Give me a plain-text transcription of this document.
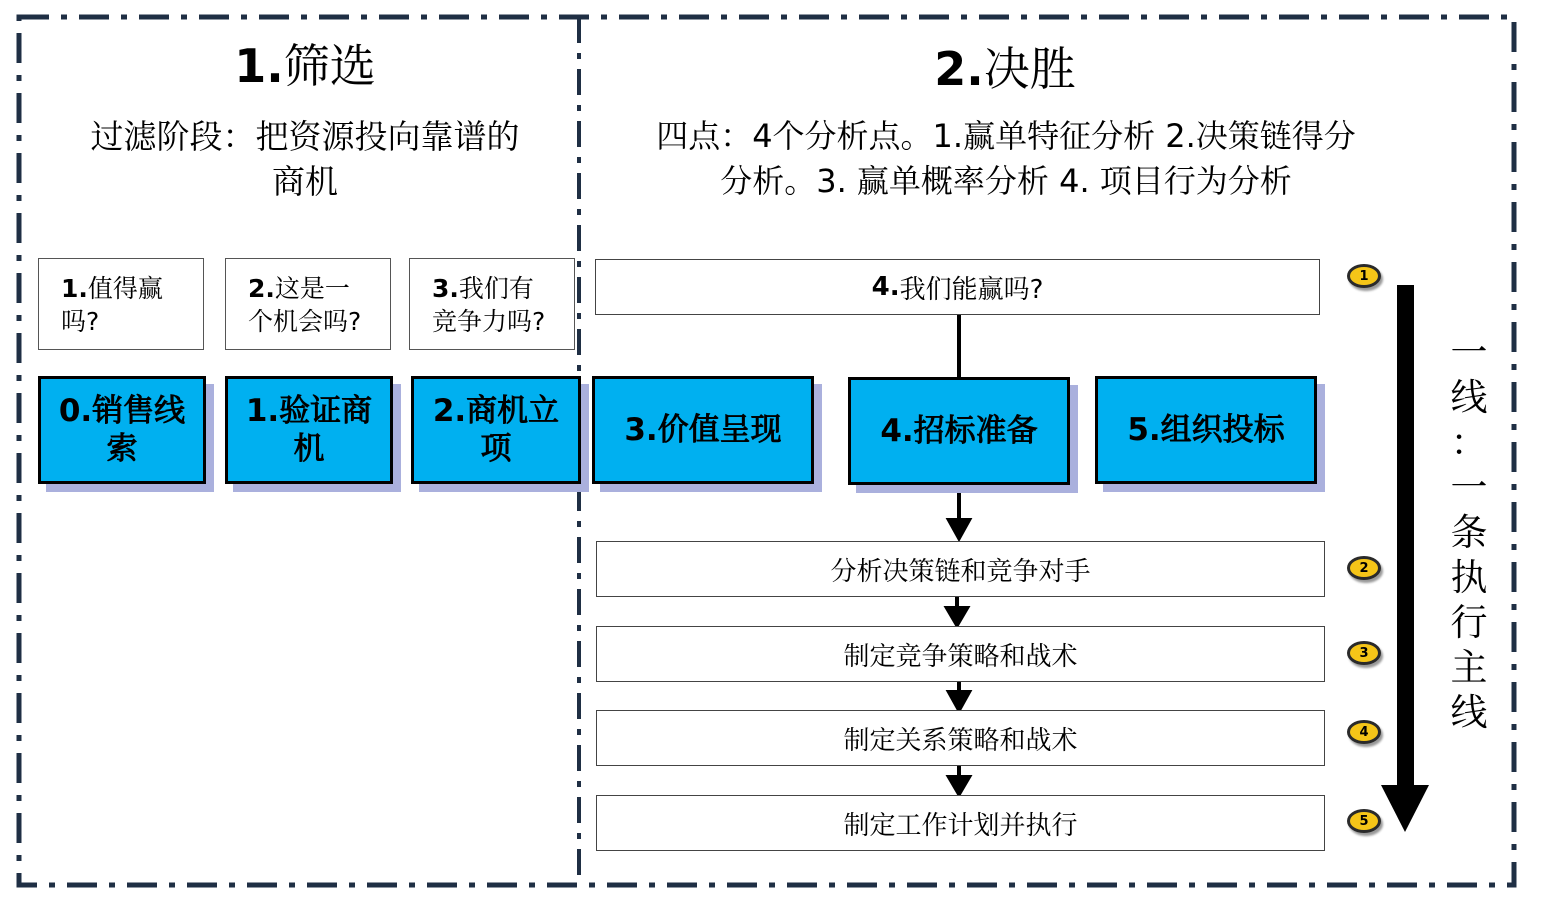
1.筛选
过滤阶段：把资源投向靠谱的
商机
1.值得赢
吗?
2.这是一
个机会吗?
3.我们有
竞争力吗?
0.销售线
索
1.验证商
机
2.商机立
项
2.决胜
四点：4个分析点。1.赢单特征分析 2.决策链得分
分析。3. 赢单概率分析 4. 项目行为分析
3.价值呈现	4.招标准备	5.组织投标
4. 我们能赢吗?
分析决策链和竞争对手
制定竞争策略和战术
制定关系策略和战术
制定工作计划并执行
1
2
3
4
5
一
线
：
一
条
执
行
主
线
